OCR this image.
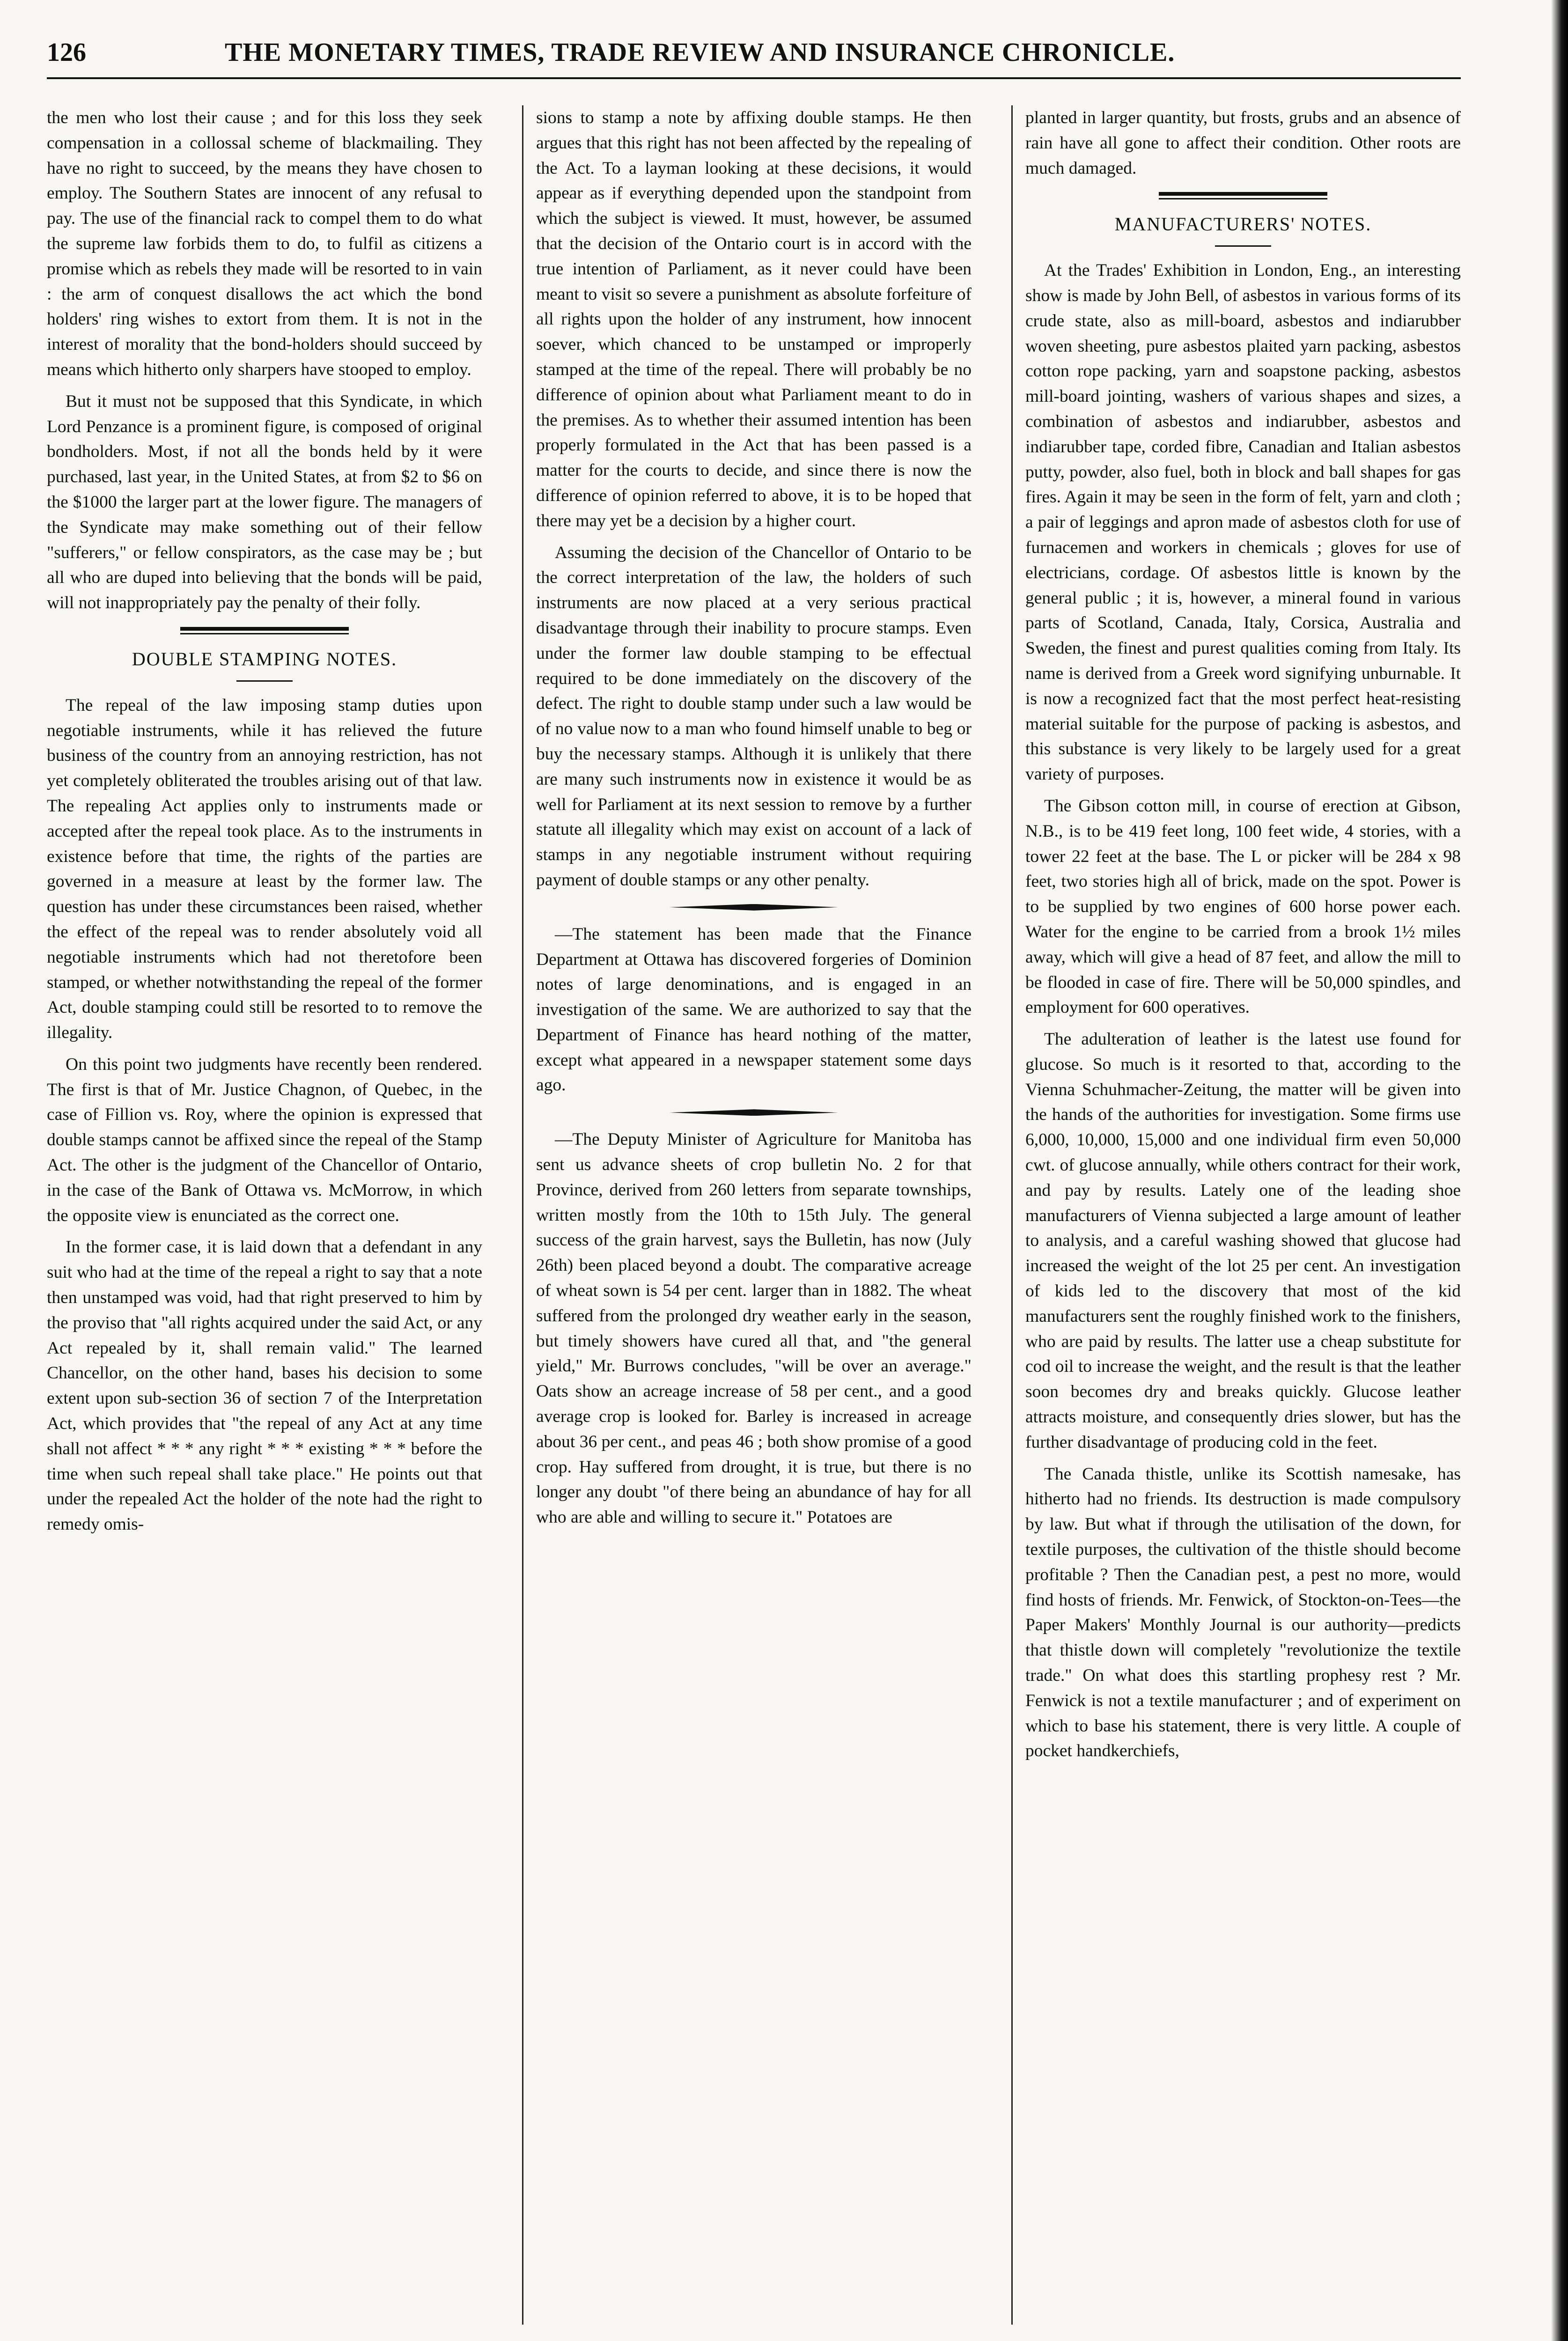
126	THE MONETARY TIMES, TRADE REVIEW AND INSURANCE CHRONICLE.

the men who lost their cause ; and for this loss they seek compensation in a collossal scheme of blackmailing. They have no right to succeed, by the means they have chosen to employ. The Southern States are innocent of any refusal to pay. The use of the financial rack to compel them to do what the supreme law forbids them to do, to fulfil as citizens a promise which as rebels they made will be resorted to in vain : the arm of conquest disallows the act which the bond holders' ring wishes to extort from them. It is not in the interest of morality that the bond-holders should succeed by means which hitherto only sharpers have stooped to employ.

But it must not be supposed that this Syndicate, in which Lord Penzance is a prominent figure, is composed of original bondholders. Most, if not all the bonds held by it were purchased, last year, in the United States, at from $2 to $6 on the $1000 the larger part at the lower figure. The managers of the Syndicate may make something out of their fellow "sufferers," or fellow conspirators, as the case may be ; but all who are duped into believing that the bonds will be paid, will not inappropriately pay the penalty of their folly.

DOUBLE STAMPING NOTES.

The repeal of the law imposing stamp duties upon negotiable instruments, while it has relieved the future business of the country from an annoying restriction, has not yet completely obliterated the troubles arising out of that law. The repealing Act applies only to instruments made or accepted after the repeal took place. As to the instruments in existence before that time, the rights of the parties are governed in a measure at least by the former law. The question has under these circumstances been raised, whether the effect of the repeal was to render absolutely void all negotiable instruments which had not theretofore been stamped, or whether notwithstanding the repeal of the former Act, double stamping could still be resorted to to remove the illegality.

On this point two judgments have recently been rendered. The first is that of Mr. Justice Chagnon, of Quebec, in the case of Fillion vs. Roy, where the opinion is expressed that double stamps cannot be affixed since the repeal of the Stamp Act. The other is the judgment of the Chancellor of Ontario, in the case of the Bank of Ottawa vs. McMorrow, in which the opposite view is enunciated as the correct one.

In the former case, it is laid down that a defendant in any suit who had at the time of the repeal a right to say that a note then unstamped was void, had that right preserved to him by the proviso that "all rights acquired under the said Act, or any Act repealed by it, shall remain valid." The learned Chancellor, on the other hand, bases his decision to some extent upon sub-section 36 of section 7 of the Interpretation Act, which provides that "the repeal of any Act at any time shall not affect * * * any right * * * existing * * * before the time when such repeal shall take place." He points out that under the repealed Act the holder of the note had the right to remedy omis-

sions to stamp a note by affixing double stamps. He then argues that this right has not been affected by the repealing of the Act. To a layman looking at these decisions, it would appear as if everything depended upon the standpoint from which the subject is viewed. It must, however, be assumed that the decision of the Ontario court is in accord with the true intention of Parliament, as it never could have been meant to visit so severe a punishment as absolute forfeiture of all rights upon the holder of any instrument, how innocent soever, which chanced to be unstamped or improperly stamped at the time of the repeal. There will probably be no difference of opinion about what Parliament meant to do in the premises. As to whether their assumed intention has been properly formulated in the Act that has been passed is a matter for the courts to decide, and since there is now the difference of opinion referred to above, it is to be hoped that there may yet be a decision by a higher court.

Assuming the decision of the Chancellor of Ontario to be the correct interpretation of the law, the holders of such instruments are now placed at a very serious practical disadvantage through their inability to procure stamps. Even under the former law double stamping to be effectual required to be done immediately on the discovery of the defect. The right to double stamp under such a law would be of no value now to a man who found himself unable to beg or buy the necessary stamps. Although it is unlikely that there are many such instruments now in existence it would be as well for Parliament at its next session to remove by a further statute all illegality which may exist on account of a lack of stamps in any negotiable instrument without requiring payment of double stamps or any other penalty.

—The statement has been made that the Finance Department at Ottawa has discovered forgeries of Dominion notes of large denominations, and is engaged in an investigation of the same. We are authorized to say that the Department of Finance has heard nothing of the matter, except what appeared in a newspaper statement some days ago.

—The Deputy Minister of Agriculture for Manitoba has sent us advance sheets of crop bulletin No. 2 for that Province, derived from 260 letters from separate townships, written mostly from the 10th to 15th July. The general success of the grain harvest, says the Bulletin, has now (July 26th) been placed beyond a doubt. The comparative acreage of wheat sown is 54 per cent. larger than in 1882. The wheat suffered from the prolonged dry weather early in the season, but timely showers have cured all that, and "the general yield," Mr. Burrows concludes, "will be over an average." Oats show an acreage increase of 58 per cent., and a good average crop is looked for. Barley is increased in acreage about 36 per cent., and peas 46 ; both show promise of a good crop. Hay suffered from drought, it is true, but there is no longer any doubt "of there being an abundance of hay for all who are able and willing to secure it." Potatoes are

planted in larger quantity, but frosts, grubs and an absence of rain have all gone to affect their condition. Other roots are much damaged.

MANUFACTURERS' NOTES.

At the Trades' Exhibition in London, Eng., an interesting show is made by John Bell, of asbestos in various forms of its crude state, also as mill-board, asbestos and indiarubber woven sheeting, pure asbestos plaited yarn packing, asbestos cotton rope packing, yarn and soapstone packing, asbestos mill-board jointing, washers of various shapes and sizes, a combination of asbestos and indiarubber, asbestos and indiarubber tape, corded fibre, Canadian and Italian asbestos putty, powder, also fuel, both in block and ball shapes for gas fires. Again it may be seen in the form of felt, yarn and cloth ; a pair of leggings and apron made of asbestos cloth for use of furnacemen and workers in chemicals ; gloves for use of electricians, cordage. Of asbestos little is known by the general public ; it is, however, a mineral found in various parts of Scotland, Canada, Italy, Corsica, Australia and Sweden, the finest and purest qualities coming from Italy. Its name is derived from a Greek word signifying unburnable. It is now a recognized fact that the most perfect heat-resisting material suitable for the purpose of packing is asbestos, and this substance is very likely to be largely used for a great variety of purposes.

The Gibson cotton mill, in course of erection at Gibson, N.B., is to be 419 feet long, 100 feet wide, 4 stories, with a tower 22 feet at the base. The L or picker will be 284 x 98 feet, two stories high all of brick, made on the spot. Power is to be supplied by two engines of 600 horse power each. Water for the engine to be carried from a brook 1½ miles away, which will give a head of 87 feet, and allow the mill to be flooded in case of fire. There will be 50,000 spindles, and employment for 600 operatives.

The adulteration of leather is the latest use found for glucose. So much is it resorted to that, according to the Vienna Schuhmacher-Zeitung, the matter will be given into the hands of the authorities for investigation. Some firms use 6,000, 10,000, 15,000 and one individual firm even 50,000 cwt. of glucose annually, while others contract for their work, and pay by results. Lately one of the leading shoe manufacturers of Vienna subjected a large amount of leather to analysis, and a careful washing showed that glucose had increased the weight of the lot 25 per cent. An investigation of kids led to the discovery that most of the kid manufacturers sent the roughly finished work to the finishers, who are paid by results. The latter use a cheap substitute for cod oil to increase the weight, and the result is that the leather soon becomes dry and breaks quickly. Glucose leather attracts moisture, and consequently dries slower, but has the further disadvantage of producing cold in the feet.

The Canada thistle, unlike its Scottish namesake, has hitherto had no friends. Its destruction is made compulsory by law. But what if through the utilisation of the down, for textile purposes, the cultivation of the thistle should become profitable ? Then the Canadian pest, a pest no more, would find hosts of friends. Mr. Fenwick, of Stockton-on-Tees—the Paper Makers' Monthly Journal is our authority—predicts that thistle down will completely "revolutionize the textile trade." On what does this startling prophesy rest ? Mr. Fenwick is not a textile manufacturer ; and of experiment on which to base his statement, there is very little. A couple of pocket handkerchiefs,
